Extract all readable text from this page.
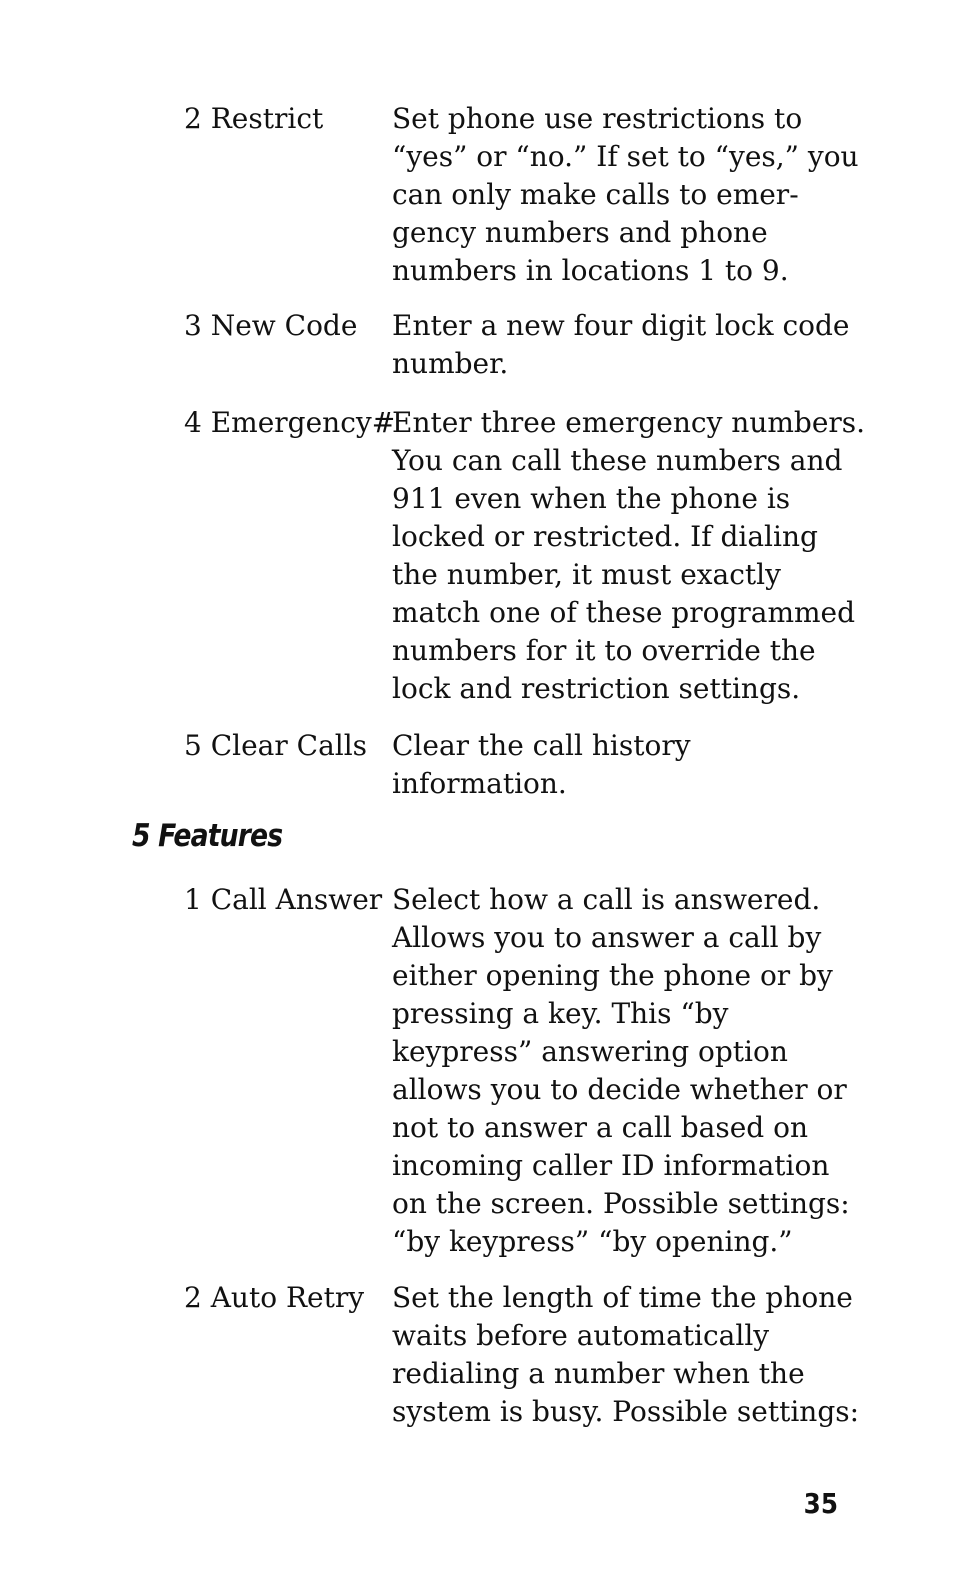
2 Restrict Set phone use restrictions to
“yes” or “no.” If set to “yes,” you
can only make calls to emer-
gency numbers and phone
numbers in locations 1 to 9.
3 New Code Enter a new four digit lock code
number.
4 Emergency#
Enter three emergency numbers.
You can call these numbers and
911 even when the phone is
locked or restricted. If dialing
the number, it must exactly
match one of these programmed
numbers for it to override the
lock and restriction settings.
5 Clear Calls Clear the call history
information.
5 Features
1 Call Answer Select how a call is answered.
Allows you to answer a call by
either opening the phone or by
pressing a key. This “by
keypress” answering option
allows you to decide whether or
not to answer a call based on
incoming caller ID information
on the screen. Possible settings:
“by keypress” “by opening.”
2 Auto Retry Set the length of time the phone
waits before automatically
redialing a number when the
system is busy. Possible settings:
35
